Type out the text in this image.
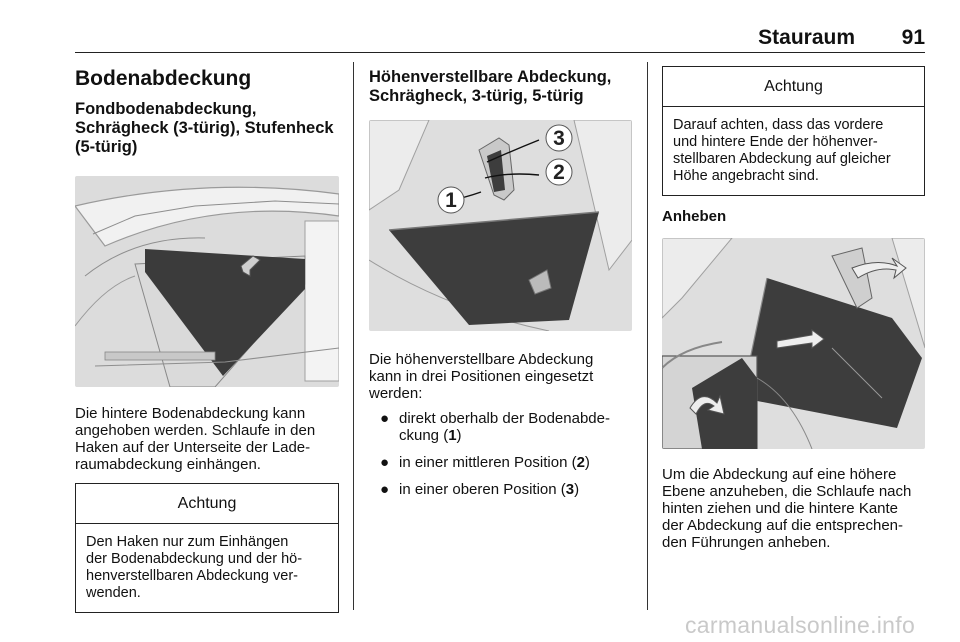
Stauraum 91
Bodenabdeckung
Fondbodenabdeckung,
Schrägheck (3-türig), Stufenheck
(5-türig)

Die hintere Bodenabdeckung kann
angehoben werden. Schlaufe in den
Haken auf der Unterseite der Lade-
raumabdeckung einhängen.

Achtung
Den Haken nur zum Einhängen
der Bodenabdeckung und der hö-
henverstellbaren Abdeckung ver-
wenden.
Höhenverstellbare Abdeckung,
Schrägheck, 3-türig, 5-türig
3
2
1

Die höhenverstellbare Abdeckung
kann in drei Positionen eingesetzt
werden:

● direkt oberhalb der Bodenabde-
ckung (1)
● in einer mittleren Position (2)
● in einer oberen Position (3)
Achtung
Darauf achten, dass das vordere
und hintere Ende der höhenver-
stellbaren Abdeckung auf gleicher
Höhe angebracht sind.
Anheben

Um die Abdeckung auf eine höhere
Ebene anzuheben, die Schlaufe nach
hinten ziehen und die hintere Kante
der Abdeckung auf die entsprechen-
den Führungen anheben.

carmanualsonline.info
